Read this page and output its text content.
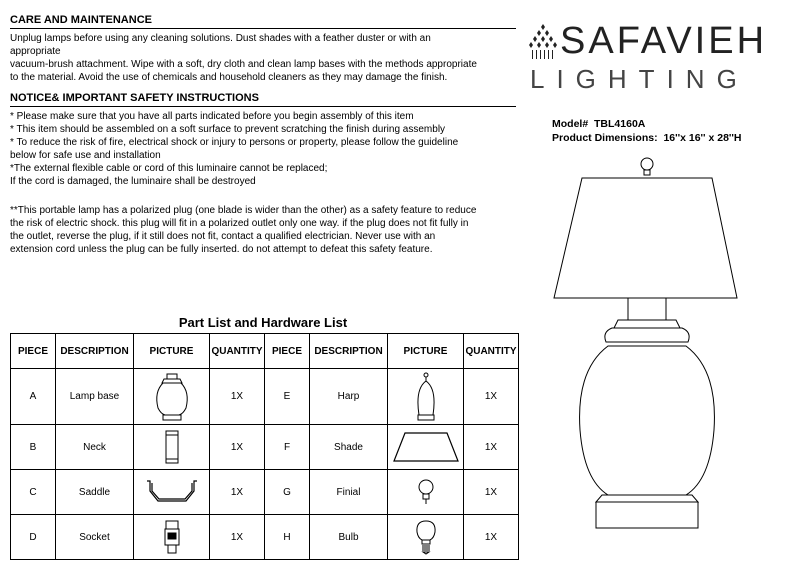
CARE AND MAINTENANCE
Unplug lamps before using any cleaning solutions. Dust shades with a feather duster or with an
appropriate
vacuum-brush attachment. Wipe with a soft, dry cloth and clean lamp bases with the methods appropriate
to the material. Avoid the use of chemicals and household cleaners as they may damage the finish.
NOTICE& IMPORTANT SAFETY INSTRUCTIONS
* Please make sure that you have all parts indicated before you begin assembly of this item
* This item should be assembled on a soft surface to prevent scratching the finish during assembly
* To reduce the risk of fire, electrical shock or injury to persons or property, please follow the guideline
below for safe use and installation
*The external flexible cable or cord of this luminaire cannot be replaced;
If the cord is damaged, the luminaire shall be destroyed
**This portable lamp has a polarized plug (one blade is wider than the other) as a safety feature to reduce
the risk of electric shock. this plug will fit in a polarized outlet only one way. if the plug does not fit fully in
the outlet, reverse the plug, if it still does not fit, contact a qualified electrician. Never use with an
extension cord unless the plug can be fully inserted. do not attempt to defeat this safety feature.
SAFAVIEH
LIGHTING
Model# TBL4160A
Product Dimensions: 16''x 16'' x 28''H
Part List and Hardware List
PIECE	DESCRIPTION	PICTURE	QUANTITY	PIECE	DESCRIPTION	PICTURE	QUANTITY
A	Lamp base		1X	E	Harp		1X
B	Neck		1X	F	Shade		1X
C	Saddle		1X	G	Finial		1X
D	Socket		1X	H	Bulb		1X
